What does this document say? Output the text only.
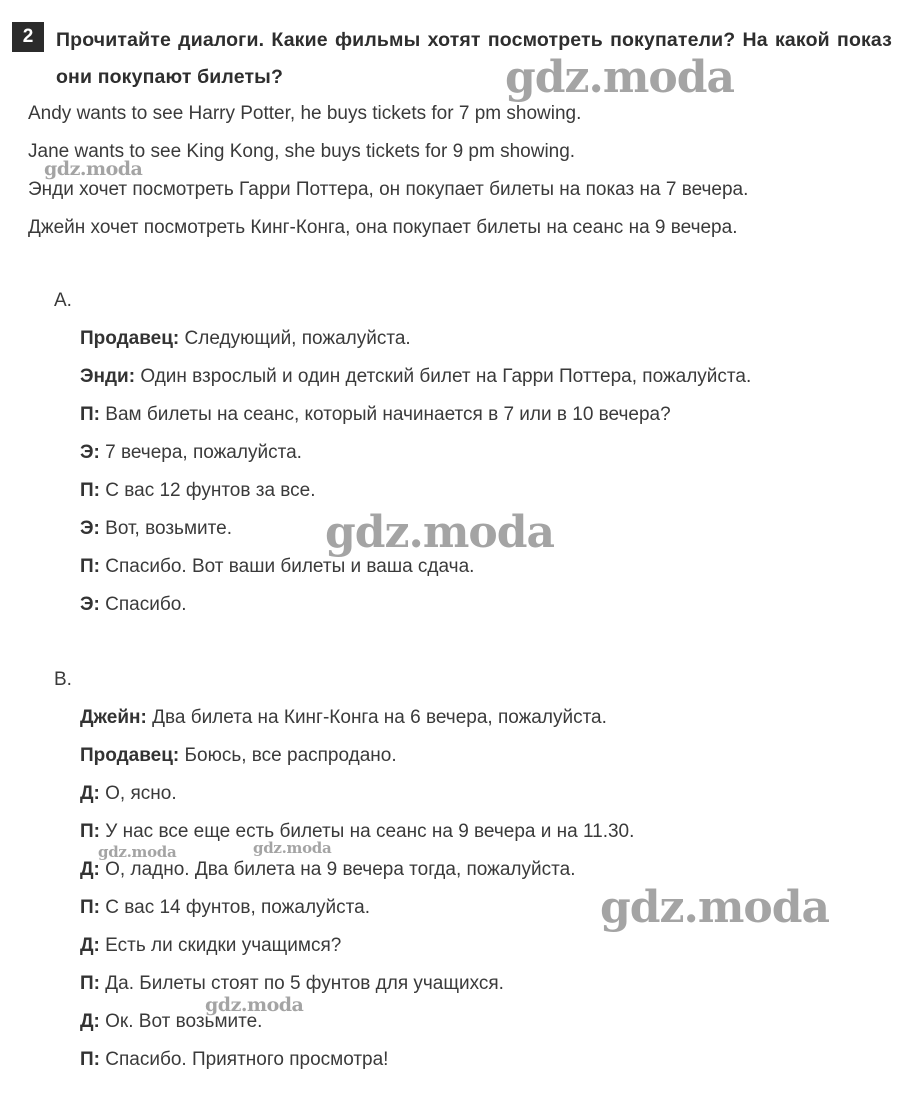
2	Прочитайте диалоги. Какие фильмы хотят посмотреть покупатели? На какой показ они покупают билеты?

Andy wants to see Harry Potter, he buys tickets for 7 pm showing.
Jane wants to see King Kong, she buys tickets for 9 pm showing.
Энди хочет посмотреть Гарри Поттера, он покупает билеты на показ на 7 вечера.
Джейн хочет посмотреть Кинг-Конга, она покупает билеты на сеанс на 9 вечера.
A.
Продавец: Следующий, пожалуйста.
Энди: Один взрослый и один детский билет на Гарри Поттера, пожалуйста.
П: Вам билеты на сеанс, который начинается в 7 или в 10 вечера?
Э: 7 вечера, пожалуйста.
П: С вас 12 фунтов за все.
Э: Вот, возьмите.
П: Спасибо. Вот ваши билеты и ваша сдача.
Э: Спасибо.
B.
Джейн: Два билета на Кинг-Конга на 6 вечера, пожалуйста.
Продавец: Боюсь, все распродано.
Д: О, ясно.
П: У нас все еще есть билеты на сеанс на 9 вечера и на 11.30.
Д: О, ладно. Два билета на 9 вечера тогда, пожалуйста.
П: С вас 14 фунтов, пожалуйста.
Д: Есть ли скидки учащимся?
П: Да. Билеты стоят по 5 фунтов для учащихся.
Д: Ок. Вот возьмите.
П: Спасибо. Приятного просмотра!
gdz.moda
gdz.moda
gdz.moda
gdz.moda	gdz.moda
gdz.moda
gdz.moda
